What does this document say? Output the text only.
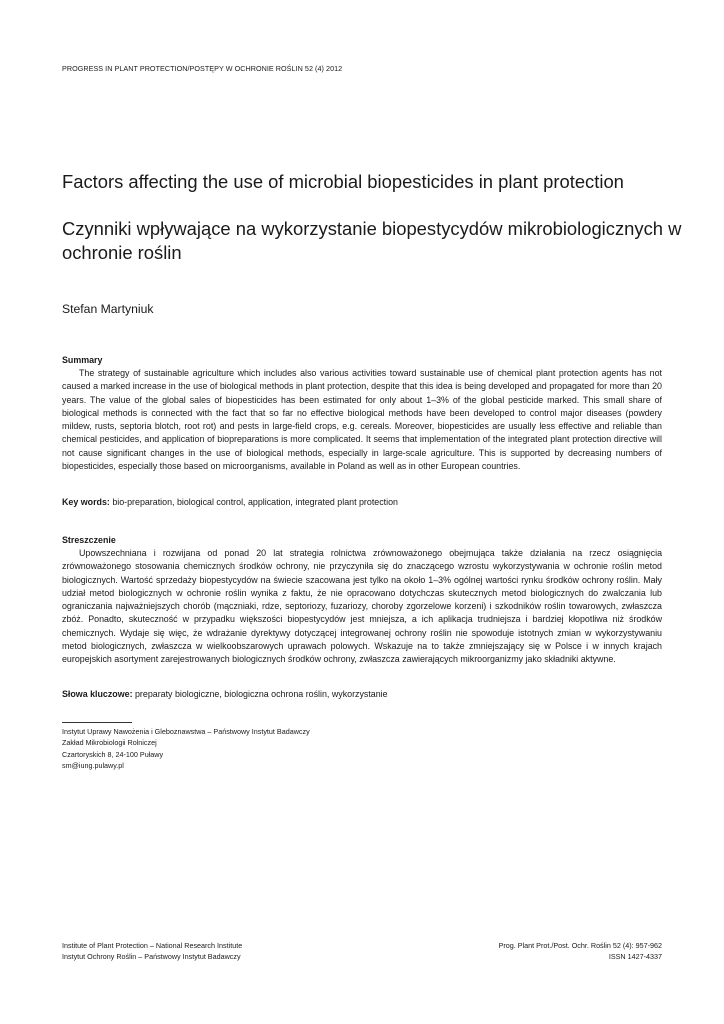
PROGRESS IN PLANT PROTECTION/POSTĘPY W OCHRONIE ROŚLIN 52 (4) 2012
Factors affecting the use of microbial biopesticides in plant protection
Czynniki wpływające na wykorzystanie biopestycydów mikrobiologicznych w ochronie roślin
Stefan Martyniuk
Summary

The strategy of sustainable agriculture which includes also various activities toward sustainable use of chemical plant protection agents has not caused a marked increase in the use of biological methods in plant protection, despite that this idea is being developed and propagated for more than 20 years. The value of the global sales of biopesticides has been estimated for only about 1–3% of the global pesticide marked. This small share of biological methods is connected with the fact that so far no effective biological methods have been developed to control major diseases (powdery mildew, rusts, septoria blotch, root rot) and pests in large-field crops, e.g. cereals. Moreover, biopesticides are usually less effective and reliable than chemical pesticides, and application of biopreparations is more complicated. It seems that implementation of the integrated plant protection directive will not cause significant changes in the use of biological methods, especially in large-scale agriculture. This is supported by decreasing numbers of biopesticides, especially those based on microorganisms, available in Poland as well as in other European countries.

Key words: bio-preparation, biological control, application, integrated plant protection
Streszczenie

Upowszechniana i rozwijana od ponad 20 lat strategia rolnictwa zrównoważonego obejmująca także działania na rzecz osiągnięcia zrównoważonego stosowania chemicznych środków ochrony, nie przyczyniła się do znaczącego wzrostu wykorzystywania w ochronie roślin metod biologicznych. Wartość sprzedaży biopestycydów na świecie szacowana jest tylko na około 1–3% ogólnej wartości rynku środków ochrony roślin. Mały udział metod biologicznych w ochronie roślin wynika z faktu, że nie opracowano dotychczas skutecznych metod biologicznych do zwalczania lub ograniczania najważniejszych chorób (mączniaki, rdze, septoriozy, fuzariozy, choroby zgorzelowe korzeni) i szkodników roślin towarowych, zwłaszcza zbóż. Ponadto, skuteczność w przypadku większości biopestycydów jest mniejsza, a ich aplikacja trudniejsza i bardziej kłopotliwa niż środków chemicznych. Wydaje się więc, że wdrażanie dyrektywy dotyczącej integrowanej ochrony roślin nie spowoduje istotnych zmian w wykorzystywaniu metod biologicznych, zwłaszcza w wielkoobszarowych uprawach polowych. Wskazuje na to także zmniejszający się w Polsce i w innych krajach europejskich asortyment zarejestrowanych biologicznych środków ochrony, zwłaszcza zawierających mikroorganizmy jako składniki aktywne.

Słowa kluczowe: preparaty biologiczne, biologiczna ochrona roślin, wykorzystanie
Instytut Uprawy Nawożenia i Gleboznawstwa – Państwowy Instytut Badawczy
Zakład Mikrobiologii Rolniczej
Czartoryskich 8, 24-100 Puławy
sm@iung.pulawy.pl
Institute of Plant Protection – National Research Institute
Instytut Ochrony Roślin – Państwowy Instytut Badawczy
Prog. Plant Prot./Post. Ochr. Roślin 52 (4): 957-962
ISSN 1427-4337
